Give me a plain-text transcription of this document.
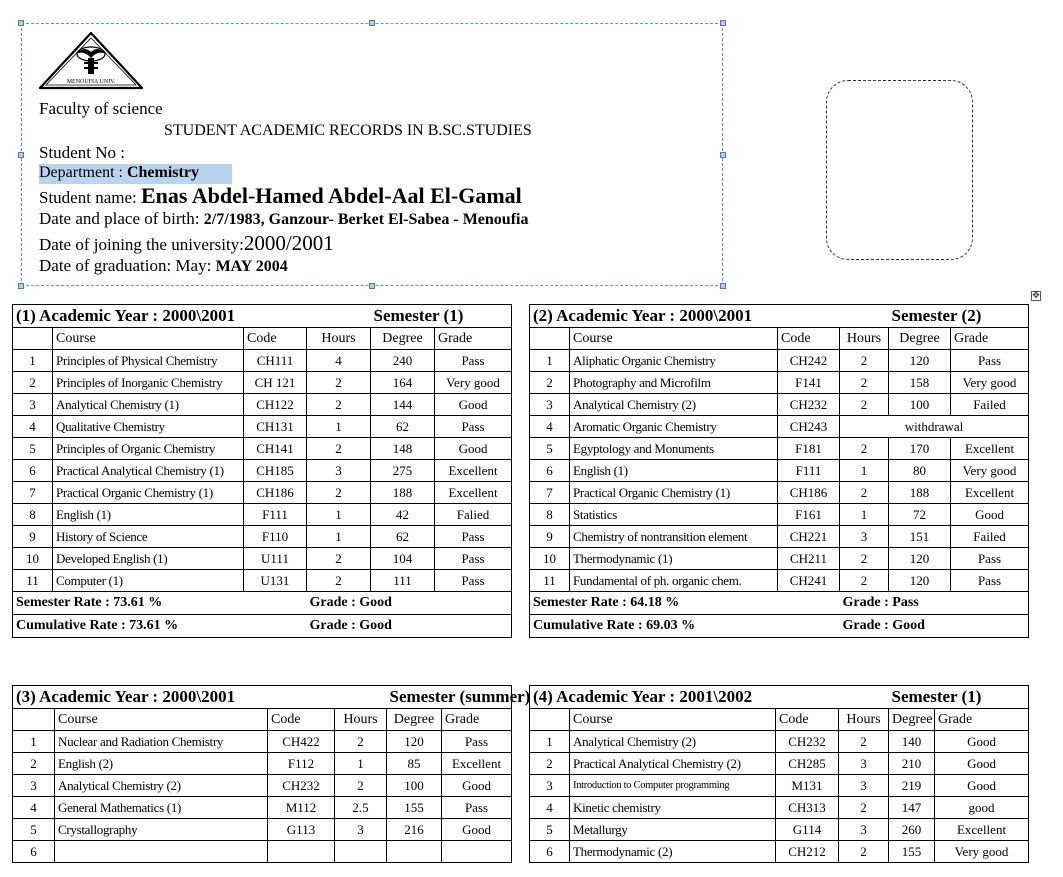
MENOUFIA UNIV.
Faculty of science
STUDENT ACADEMIC RECORDS IN B.SC.STUDIES
Student No :
Department : Chemistry
Student name: Enas Abdel-Hamed Abdel-Aal El-Gamal
Date and place of birth: 2/7/1983, Ganzour- Berket El-Sabea - Menoufia
Date of joining the university:2000/2001
Date of graduation: May: MAY 2004
✥
(1) Academic Year : 2000\2001				Semester (1)	
	Course	Code	Hours	Degree	Grade
1	Principles of Physical Chemistry	CH111	4	240	Pass
2	Principles of Inorganic Chemistry	CH 121	2	164	Very good
3	Analytical Chemistry (1)	CH122	2	144	Good
4	Qualitative Chemistry	CH131	1	62	Pass
5	Principles of Organic Chemistry	CH141	2	148	Good
6	Practical Analytical Chemistry (1)	CH185	3	275	Excellent
7	Practical Organic Chemistry (1)	CH186	2	188	Excellent
8	English (1)	F111	1	42	Falied
9	History of Science	F110	1	62	Pass
10	Developed English (1)	U111	2	104	Pass
11	Computer (1)	U131	2	111	Pass
Semester Rate : 73.61 %			Grade : Good		
Cumulative Rate : 73.61 %			Grade : Good		
(2) Academic Year : 2000\2001				Semester (2)	
	Course	Code	Hours	Degree	Grade
1	Aliphatic Organic Chemistry	CH242	2	120	Pass
2	Photography and Microfilm	F141	2	158	Very good
3	Analytical Chemistry (2)	CH232	2	100	Failed
4	Aromatic Organic Chemistry	CH243	withdrawal		
5	Egyptology and Monuments	F181	2	170	Excellent
6	English (1)	F111	1	80	Very good
7	Practical Organic Chemistry (1)	CH186	2	188	Excellent
8	Statistics	F161	1	72	Good
9	Chemistry of nontransition element	CH221	3	151	Failed
10	Thermodynamic (1)	CH211	2	120	Pass
11	Fundamental of ph. organic chem.	CH241	2	120	Pass
Semester Rate : 64.18 %			Grade : Pass		
Cumulative Rate : 69.03 %			Grade : Good		
(3) Academic Year : 2000\2001				Semester (summer)	
	Course	Code	Hours	Degree	Grade
1	Nuclear and Radiation Chemistry	CH422	2	120	Pass
2	English (2)	F112	1	85	Excellent
3	Analytical Chemistry (2)	CH232	2	100	Good
4	General Mathematics (1)	M112	2.5	155	Pass
5	Crystallography	G113	3	216	Good
6					
(4) Academic Year : 2001\2002				Semester (1)	
	Course	Code	Hours	Degree	Grade
1	Analytical Chemistry (2)	CH232	2	140	Good
2	Practical Analytical Chemistry (2)	CH285	3	210	Good
3	Introduction to Computer programming	M131	3	219	Good
4	Kinetic chemistry	CH313	2	147	good
5	Metallurgy	G114	3	260	Excellent
6	Thermodynamic (2)	CH212	2	155	Very good
